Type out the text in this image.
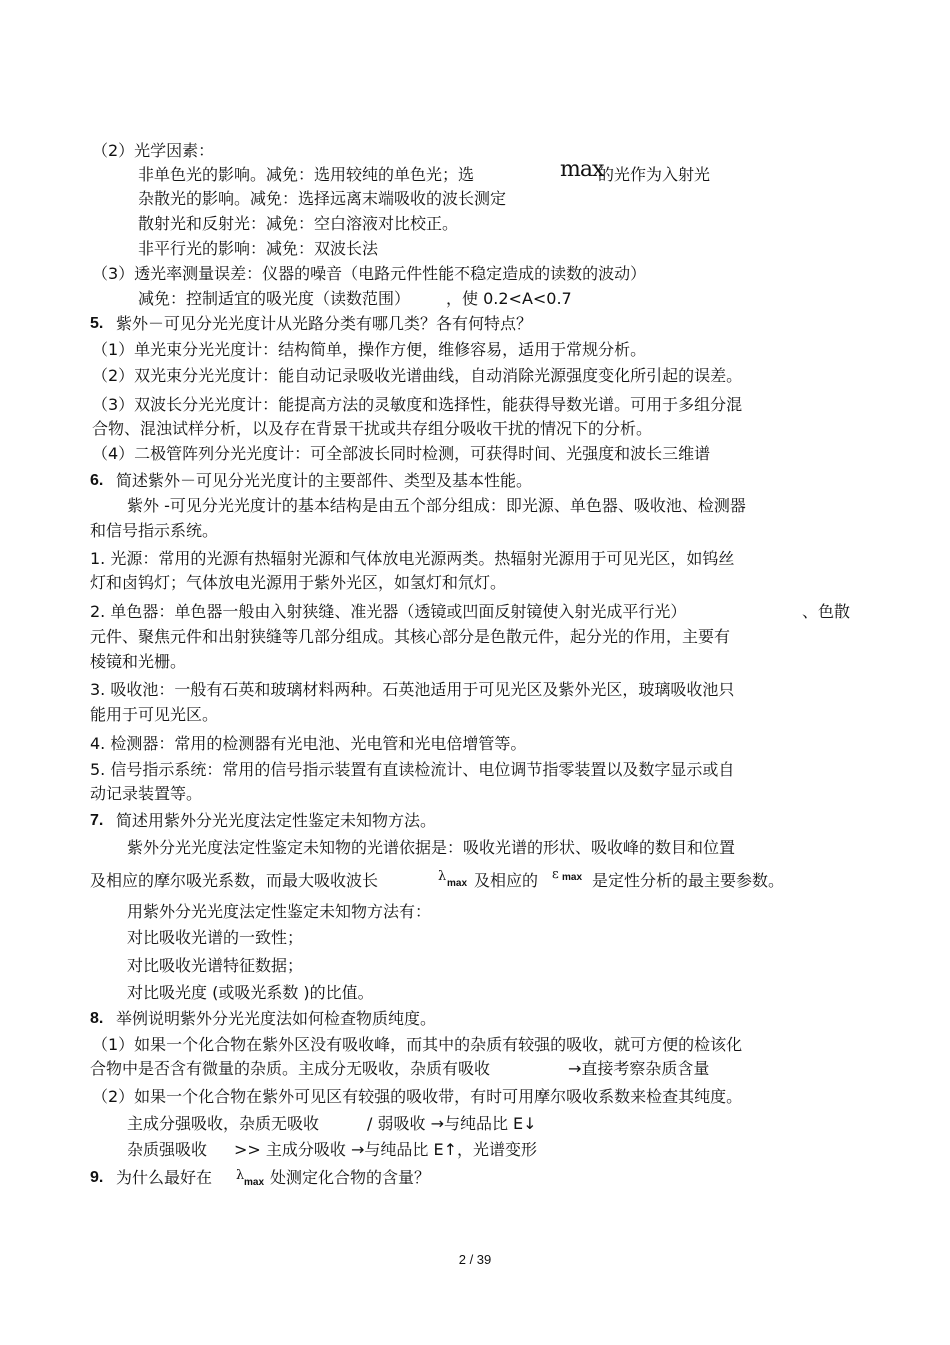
（2）光学因素：
非单色光的影响。减免：选用较纯的单色光；选	max
的光作为入射光
杂散光的影响。减免：选择远离末端吸收的波长测定
散射光和反射光：减免：空白溶液对比校正。
非平行光的影响：减免：双波长法
（3）透光率测量误差：仪器的噪音（电路元件性能不稳定造成的读数的波动）
减免：控制适宜的吸光度（读数范围） ，使 0.2<A<0.7
5. 紫外－可见分光光度计从光路分类有哪几类？各有何特点？
（1）单光束分光光度计：结构简单，操作方便，维修容易，适用于常规分析。
（2）双光束分光光度计：能自动记录吸收光谱曲线，自动消除光源强度变化所引起的误差。
（3）双波长分光光度计：能提高方法的灵敏度和选择性，能获得导数光谱。可用于多组分混
合物、混浊试样分析，以及存在背景干扰或共存组分吸收干扰的情况下的分析。
（4）二极管阵列分光光度计：可全部波长同时检测，可获得时间、光强度和波长三维谱
6. 简述紫外－可见分光光度计的主要部件、类型及基本性能。
紫外 -可见分光光度计的基本结构是由五个部分组成：即光源、单色器、吸收池、检测器
和信号指示系统。
1. 光源：常用的光源有热辐射光源和气体放电光源两类。热辐射光源用于可见光区，如钨丝
灯和卤钨灯；气体放电光源用于紫外光区，如氢灯和氘灯。
2. 单色器：单色器一般由入射狭缝、准光器（透镜或凹面反射镜使入射光成平行光）	、色散
元件、聚焦元件和出射狭缝等几部分组成。其核心部分是色散元件，起分光的作用，主要有
棱镜和光栅。
3. 吸收池：一般有石英和玻璃材料两种。石英池适用于可见光区及紫外光区，玻璃吸收池只
能用于可见光区。
4. 检测器：常用的检测器有光电池、光电管和光电倍增管等。
5. 信号指示系统：常用的信号指示装置有直读检流计、电位调节指零装置以及数字显示或自
动记录装置等。
7. 简述用紫外分光光度法定性鉴定未知物方法。
紫外分光光度法定性鉴定未知物的光谱依据是：吸收光谱的形状、吸收峰的数目和位置
及相应的摩尔吸光系数，而最大吸收波长	λ max 及相应的 ε max 是定性分析的最主要参数。
用紫外分光光度法定性鉴定未知物方法有：
对比吸收光谱的一致性；
对比吸收光谱特征数据；
对比吸光度 (或吸光系数 )的比值。
8. 举例说明紫外分光光度法如何检查物质纯度。
（1）如果一个化合物在紫外区没有吸收峰，而其中的杂质有较强的吸收，就可方便的检该化
合物中是否含有微量的杂质。主成分无吸收，杂质有吸收	→直接考察杂质含量
（2）如果一个化合物在紫外可见区有较强的吸收带，有时可用摩尔吸收系数来检查其纯度。
主成分强吸收，杂质无吸收	/ 弱吸收 →与纯品比 E↓
杂质强吸收 >> 主成分吸收 →与纯品比 E↑，光谱变形
9. 为什么最好在 λ max 处测定化合物的含量？
2 / 39
